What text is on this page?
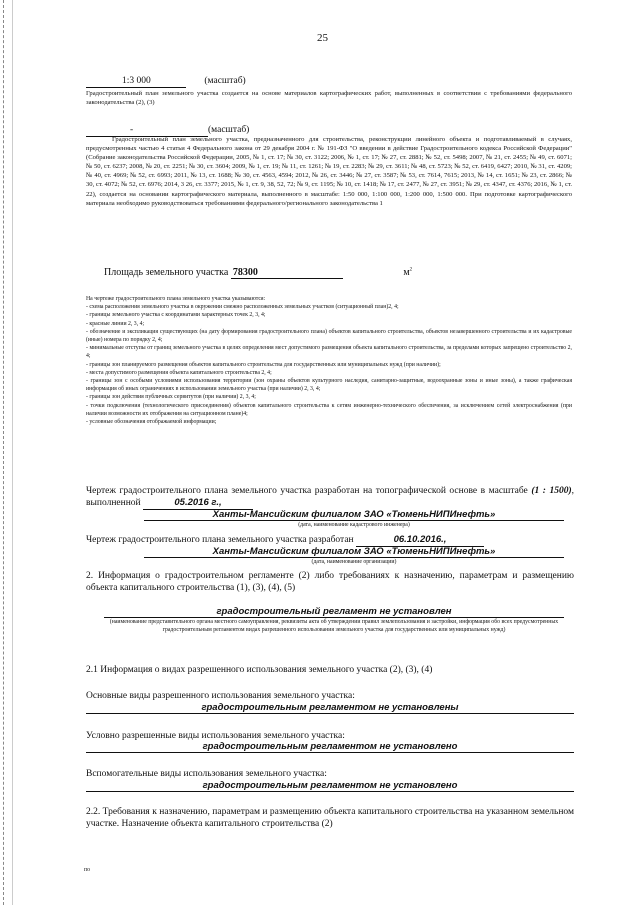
25
1:3 000	(масштаб)
Градостроительный план земельного участка создается на основе материалов картографических работ, выполненных в соответствии с требованиями федерального законодательства (2), (3)
-	(масштаб)
Градостроительный план земельного участка, предназначенного для строительства, реконструкции линейного объекта и подготавливаемый в случаях, предусмотренных частью 4 статьи 4 Федерального закона от 29 декабря 2004 г. № 191-ФЗ "О введении в действие Градостроительного кодекса Российской Федерации" (Собрание законодательства Российской Федерации, 2005, № 1, ст. 17; № 30, ст. 3122; 2006, № 1, ст. 17; № 27, ст. 2881; № 52, ст. 5498; 2007, № 21, ст. 2455; № 49, ст. 6071; № 50, ст. 6237; 2008, № 20, ст. 2251; № 30, ст. 3604; 2009, № 1, ст. 19; № 11, ст. 1261; № 19, ст. 2283; № 29, ст. 3611; № 48, ст. 5723; № 52, ст. 6419, 6427; 2010, № 31, ст. 4209; № 40, ст. 4969; № 52, ст. 6993; 2011, № 13, ст. 1688; № 30, ст. 4563, 4594; 2012, № 26, ст. 3446; № 27, ст. 3587; № 53, ст. 7614, 7615; 2013, № 14, ст. 1651; № 23, ст. 2866; № 30, ст. 4072; № 52, ст. 6976; 2014, 3 26, ст. 3377; 2015, № 1, ст. 9, 38, 52, 72; № 9, ст. 1195; № 10, ст. 1418; № 17, ст. 2477, № 27, ст. 3951; № 29, ст. 4347, ст. 4376; 2016, № 1, ст. 22), создается на основании картографического материала, выполненного в масштабе: 1:50 000, 1:100 000, 1:200 000, 1:500 000. При подготовке картографического материала необходимо руководствоваться требованиями федерального/регионального законодательства 1
Площадь земельного участка 78300	$м^2$
На чертеже градостроительного плана земельного участка указываются:
- схема расположения земельного участка в окружении смежно расположенных земельных участков (ситуационный план)2, 4;
- границы земельного участка с координатами характерных точек 2, 3, 4;
- красные линии 2, 3, 4;
- обозначение и экспликация существующих (на дату формирования градостроительного плана) объектов капитального строительства, объектов незавершенного строительства и их кадастровые (иные) номера по порядку 2, 4;
- минимальные отступы от границ земельного участка в целях определения мест допустимого размещения объекта капитального строительства, за пределами которых запрещено строительство 2, 4;
- границы зон планируемого размещения объектов капитального строительства для государственных или муниципальных нужд (при наличии);
- места допустимого размещения объекта капитального строительства 2, 4;
- границы зон с особыми условиями использования территории (зон охраны объектов культурного наследия, санитарно-защитные, водоохранные зоны и иные зоны), а также графическая информация об иных ограничениях в использовании земельного участка (при наличии) 2, 3, 4;
- границы зон действия публичных сервитутов (при наличии) 2, 3, 4;
- точки подключения (технологического присоединения) объектов капитального строительства к сетям инженерно-технического обеспечения, за исключением сетей электроснабжения (при наличии возможности их отображения на ситуационном плане)4;
- условные обозначения отображаемой информации;
Чертеж градостроительного плана земельного участка разработан на топографической основе в масштабе (1 : 1500), выполненной	05.2016 г.,
Ханты-Мансийским филиалом ЗАО «ТюменьНИПИнефть»
(дата, наименование кадастрового инженера)
Чертеж градостроительного плана земельного участка разработан	06.10.2016.,
Ханты-Мансийским филиалом ЗАО «ТюменьНИПИнефть»
(дата, наименование организации)
2. Информация о градостроительном регламенте (2) либо требованиях к назначению, параметрам и размещению объекта капитального строительства (1), (3), (4), (5)
градостроительный регламент не установлен
(наименование представительного органа местного самоуправления, реквизиты акта об утверждении правил землепользования и застройки, информация обо всех предусмотренных градостроительным регламентом видах разрешенного использования земельного участка для государственных или муниципальных нужд)
2.1 Информация о видах разрешенного использования земельного участка (2), (3), (4)
Основные виды разрешенного использования земельного участка:
градостроительным регламентом не установлены
Условно разрешенные виды использования земельного участка:
градостроительным регламентом не установлено
Вспомогательные виды использования земельного участка:
градостроительным регламентом не установлено
2.2. Требования к назначению, параметрам и размещению объекта капитального строительства на указанном земельном участке. Назначение объекта капитального строительства (2)
по
